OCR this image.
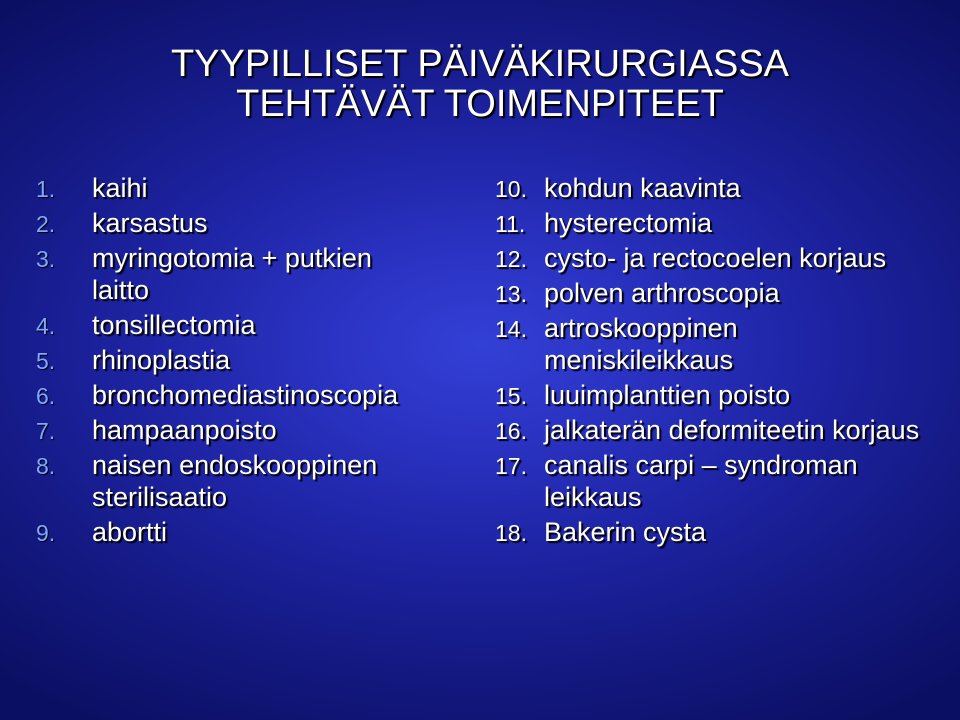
TYYPILLISET PÄIVÄKIRURGIASSA
TEHTÄVÄT TOIMENPITEET
1. kaihi
2. karsastus
3. myringotomia + putkien laitto
4. tonsillectomia
5. rhinoplastia
6. bronchomediastinoscopia
7. hampaanpoisto
8. naisen endoskooppinen sterilisaatio
9. abortti
10. kohdun kaavinta
11. hysterectomia
12. cysto- ja rectocoelen korjaus
13. polven arthroscopia
14. artroskooppinen meniskileikkaus
15. luuimplanttien poisto
16. jalkaterän deformiteetin korjaus
17. canalis carpi – syndroman leikkaus
18. Bakerin cysta
